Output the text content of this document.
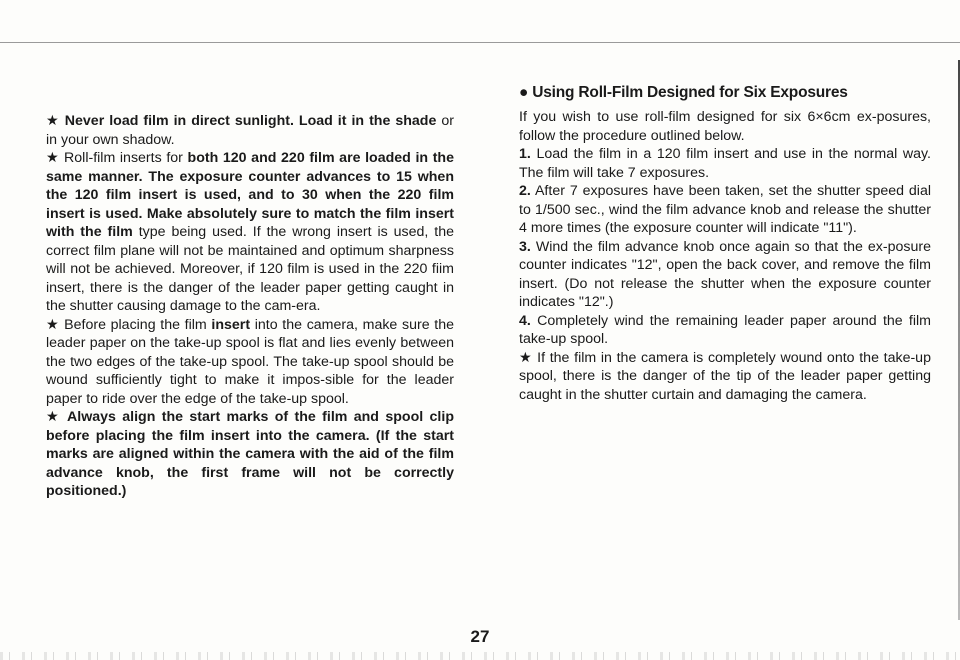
★ Never load film in direct sunlight. Load it in the shade or in your own shadow.

★ Roll-film inserts for both 120 and 220 film are loaded in the same manner. The exposure counter advances to 15 when the 120 film insert is used, and to 30 when the 220 film insert is used. Make absolutely sure to match the film insert with the film type being used. If the wrong insert is used, the correct film plane will not be maintained and optimum sharpness will not be achieved. Moreover, if 120 film is used in the 220 fiim insert, there is the danger of the leader paper getting caught in the shutter causing damage to the cam-era.

★ Before placing the film insert into the camera, make sure the leader paper on the take-up spool is flat and lies evenly between the two edges of the take-up spool. The take-up spool should be wound sufficiently tight to make it impos-sible for the leader paper to ride over the edge of the take-up spool.

★ Always align the start marks of the film and spool clip before placing the film insert into the camera. (If the start marks are aligned within the camera with the aid of the film advance knob, the first frame will not be correctly positioned.)

● Using Roll-Film Designed for Six Exposures

If you wish to use roll-film designed for six 6×6cm ex-posures, follow the procedure outlined below.

1. Load the film in a 120 film insert and use in the normal way. The film will take 7 exposures.

2. After 7 exposures have been taken, set the shutter speed dial to 1/500 sec., wind the film advance knob and release the shutter 4 more times (the exposure counter will indicate "11").

3. Wind the film advance knob once again so that the ex-posure counter indicates "12", open the back cover, and remove the film insert. (Do not release the shutter when the exposure counter indicates "12".)

4. Completely wind the remaining leader paper around the film take-up spool.

★ If the film in the camera is completely wound onto the take-up spool, there is the danger of the tip of the leader paper getting caught in the shutter curtain and damaging the camera.

27
